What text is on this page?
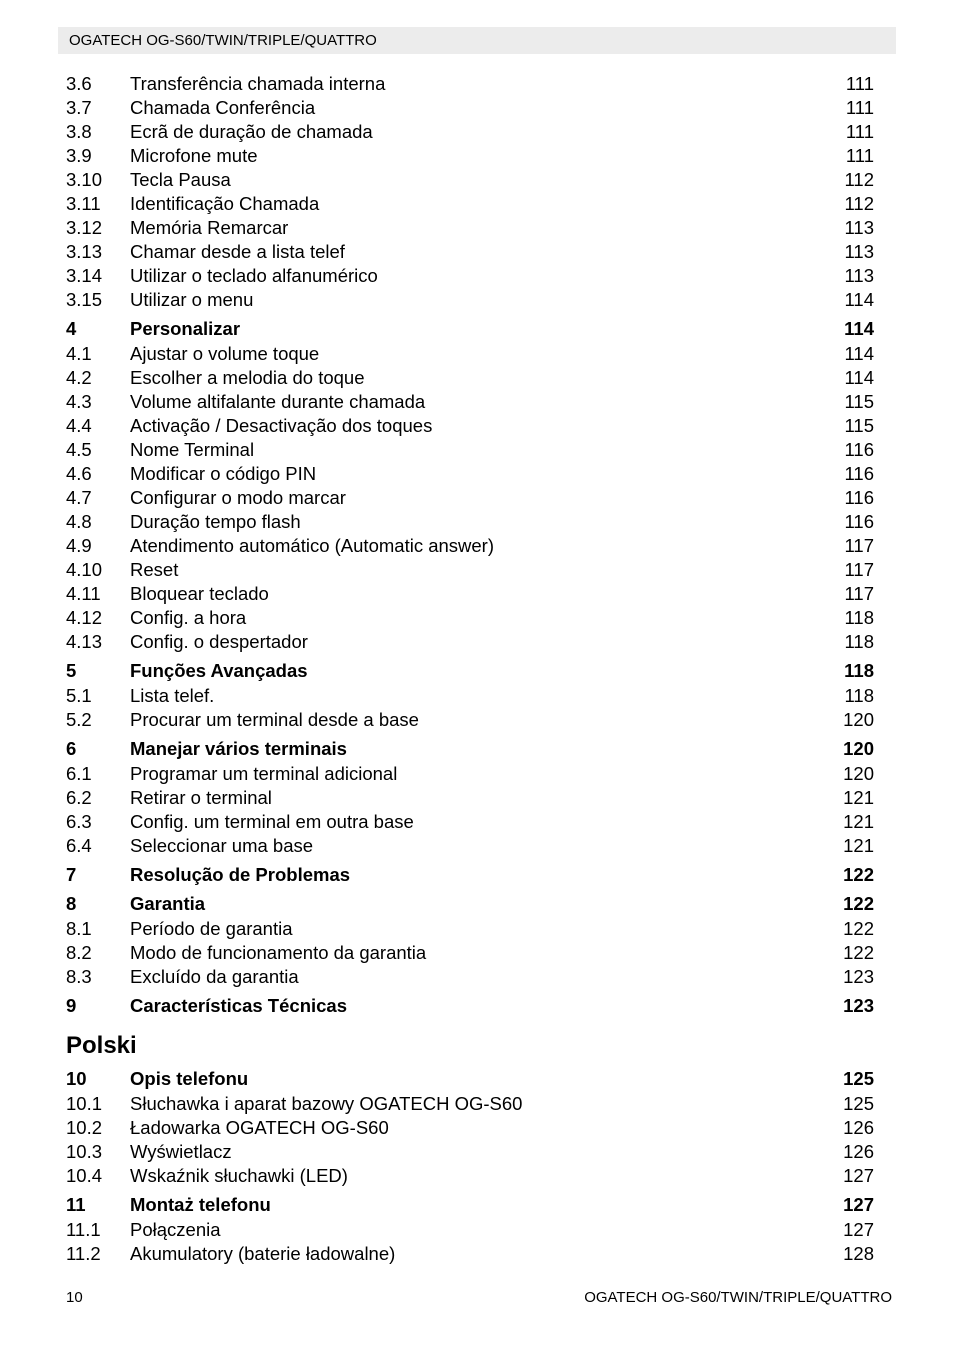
OGATECH OG-S60/TWIN/TRIPLE/QUATTRO
3.6 Transferência chamada interna	111
3.7 Chamada Conferência	111
3.8 Ecrã de duração de chamada	111
3.9 Microfone mute	111
3.10 Tecla Pausa	112
3.11 Identificação Chamada	112
3.12 Memória Remarcar	113
3.13 Chamar desde a lista telef	113
3.14 Utilizar o teclado alfanumérico	113
3.15 Utilizar o menu	114
4	Personalizar	114
4.1 Ajustar o volume toque	114
4.2 Escolher a melodia do toque	114
4.3 Volume altifalante durante chamada	115
4.4 Activação / Desactivação dos toques	115
4.5 Nome Terminal	116
4.6 Modificar o código PIN	116
4.7 Configurar o modo marcar	116
4.8 Duração tempo flash	116
4.9 Atendimento automático (Automatic answer)	117
4.10 Reset	117
4.11 Bloquear teclado	117
4.12 Config. a hora	118
4.13 Config. o despertador	118
5	Funções Avançadas	118
5.1 Lista telef.	118
5.2 Procurar um terminal desde a base	120
6	Manejar vários terminais	120
6.1 Programar um terminal adicional	120
6.2 Retirar o terminal	121
6.3 Config. um terminal em outra base	121
6.4 Seleccionar uma base	121
7	Resolução de Problemas	122
8	Garantia	122
8.1 Período de garantia	122
8.2 Modo de funcionamento da garantia	122
8.3 Excluído da garantia	123
9	Características Técnicas	123
10 Opis telefonu	125
10.1 Słuchawka i aparat bazowy OGATECH OG-S60	125
10.2 Ładowarka OGATECH OG-S60	126
10.3 Wyświetlacz	126
10.4 Wskaźnik słuchawki (LED)	127
11 Montaż telefonu	127
11.1 Połączenia	127
11.2 Akumulatory (baterie ładowalne)	128
Polski
10	OGATECH OG-S60/TWIN/TRIPLE/QUATTRO
